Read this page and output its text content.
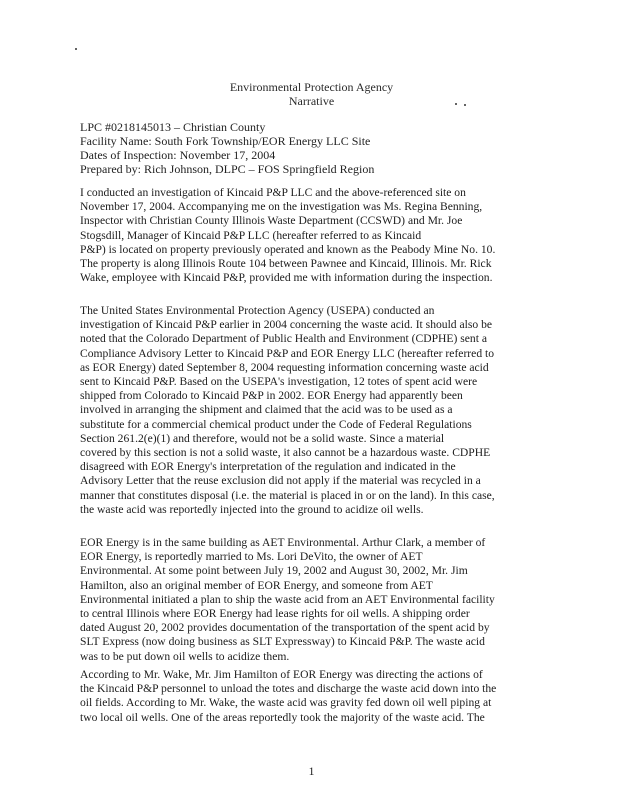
Environmental Protection Agency
Narrative
LPC #0218145013 – Christian County
Facility Name: South Fork Township/EOR Energy LLC Site
Dates of Inspection: November 17, 2004
Prepared by: Rich Johnson, DLPC – FOS Springfield Region
I conducted an investigation of Kincaid P&P LLC and the above-referenced site on
November 17, 2004. Accompanying me on the investigation was Ms. Regina Benning,
Inspector with Christian County Illinois Waste Department (CCSWD) and Mr. Joe
Stogsdill, Manager of Kincaid P&P LLC (hereafter referred to as Kincaid
P&P) is located on property previously operated and known as the Peabody Mine No. 10.
The property is along Illinois Route 104 between Pawnee and Kincaid, Illinois. Mr. Rick
Wake, employee with Kincaid P&P, provided me with information during the inspection.
The United States Environmental Protection Agency (USEPA) conducted an
investigation of Kincaid P&P earlier in 2004 concerning the waste acid. It should also be
noted that the Colorado Department of Public Health and Environment (CDPHE) sent a
Compliance Advisory Letter to Kincaid P&P and EOR Energy LLC (hereafter referred to
as EOR Energy) dated September 8, 2004 requesting information concerning waste acid
sent to Kincaid P&P. Based on the USEPA's investigation, 12 totes of spent acid were
shipped from Colorado to Kincaid P&P in 2002. EOR Energy had apparently been
involved in arranging the shipment and claimed that the acid was to be used as a
substitute for a commercial chemical product under the Code of Federal Regulations
Section 261.2(e)(1) and therefore, would not be a solid waste. Since a material
covered by this section is not a solid waste, it also cannot be a hazardous waste. CDPHE
disagreed with EOR Energy's interpretation of the regulation and indicated in the
Advisory Letter that the reuse exclusion did not apply if the material was recycled in a
manner that constitutes disposal (i.e. the material is placed in or on the land). In this case,
the waste acid was reportedly injected into the ground to acidize oil wells.
EOR Energy is in the same building as AET Environmental. Arthur Clark, a member of
EOR Energy, is reportedly married to Ms. Lori DeVito, the owner of AET
Environmental. At some point between July 19, 2002 and August 30, 2002, Mr. Jim
Hamilton, also an original member of EOR Energy, and someone from AET
Environmental initiated a plan to ship the waste acid from an AET Environmental facility
to central Illinois where EOR Energy had lease rights for oil wells. A shipping order
dated August 20, 2002 provides documentation of the transportation of the spent acid by
SLT Express (now doing business as SLT Expressway) to Kincaid P&P. The waste acid
was to be put down oil wells to acidize them.
According to Mr. Wake, Mr. Jim Hamilton of EOR Energy was directing the actions of
the Kincaid P&P personnel to unload the totes and discharge the waste acid down into the
oil fields. According to Mr. Wake, the waste acid was gravity fed down oil well piping at
two local oil wells. One of the areas reportedly took the majority of the waste acid. The
1
